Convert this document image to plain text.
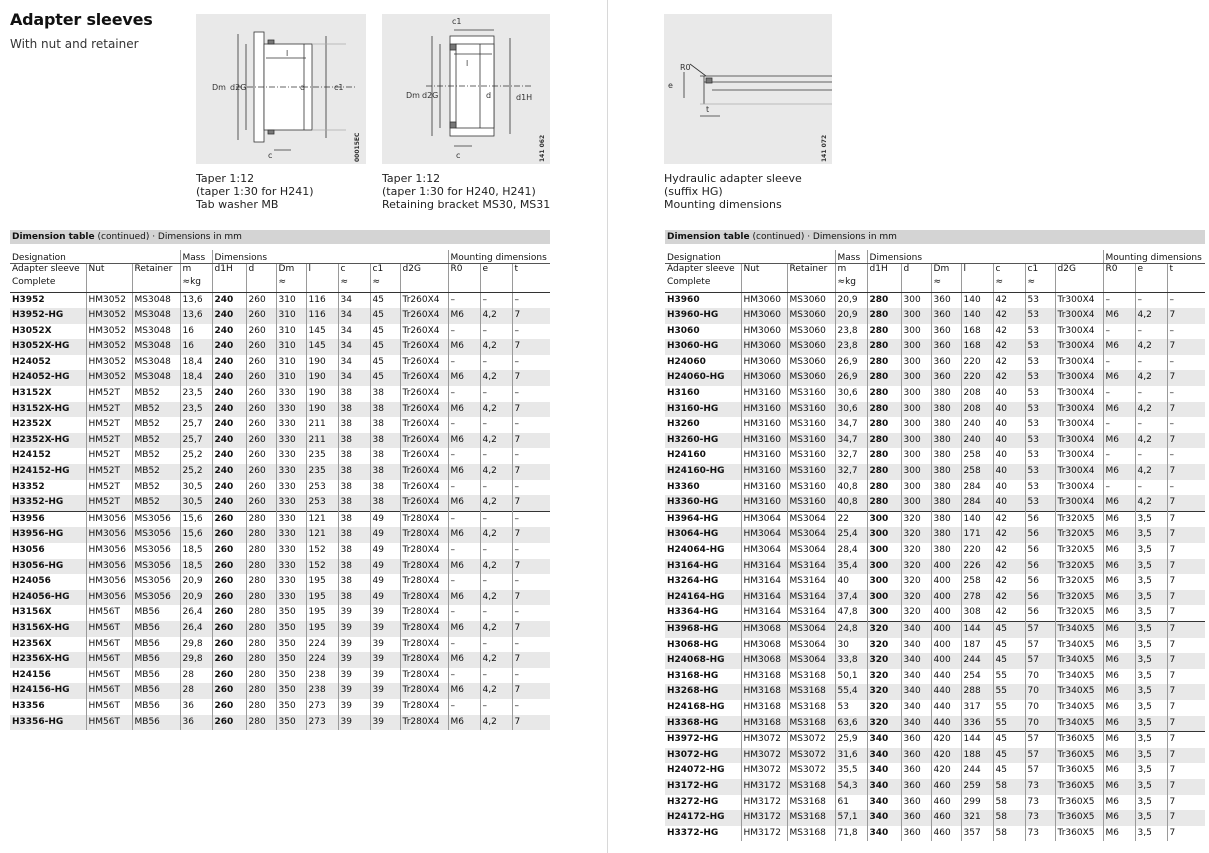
Adapter sleeves
With nut and retainer
Dm d2G
l
d	c1
c	00015EC
Taper 1:12
(taper 1:30 for H241)
Tab washer MB
Dm d2G
l
d	d1H
c1
c	141 062
Taper 1:12
(taper 1:30 for H240, H241)
Retaining bracket MS30, MS31
R0
e
t
141 072
Hydraulic adapter sleeve
(suffix HG)
Mounting dimensions
Dimension table (continued) · Dimensions in mm
Designation			Mass	Dimensions							Mounting dimensions		
Adapter sleeve	Nut	Retainer	m	d1H	d	Dm	l	c	c1	d2G	R0	e	t
Complete			≈kg			≈		≈	≈				
H3952	HM3052	MS3048	13,6	240	260	310	116	34	45	Tr260X4	–	–	–
H3952-HG	HM3052	MS3048	13,6	240	260	310	116	34	45	Tr260X4	M6	4,2	7
H3052X	HM3052	MS3048	16	240	260	310	145	34	45	Tr260X4	–	–	–
H3052X-HG	HM3052	MS3048	16	240	260	310	145	34	45	Tr260X4	M6	4,2	7
H24052	HM3052	MS3048	18,4	240	260	310	190	34	45	Tr260X4	–	–	–
H24052-HG	HM3052	MS3048	18,4	240	260	310	190	34	45	Tr260X4	M6	4,2	7
H3152X	HM52T	MB52	23,5	240	260	330	190	38	38	Tr260X4	–	–	–
H3152X-HG	HM52T	MB52	23,5	240	260	330	190	38	38	Tr260X4	M6	4,2	7
H2352X	HM52T	MB52	25,7	240	260	330	211	38	38	Tr260X4	–	–	–
H2352X-HG	HM52T	MB52	25,7	240	260	330	211	38	38	Tr260X4	M6	4,2	7
H24152	HM52T	MB52	25,2	240	260	330	235	38	38	Tr260X4	–	–	–
H24152-HG	HM52T	MB52	25,2	240	260	330	235	38	38	Tr260X4	M6	4,2	7
H3352	HM52T	MB52	30,5	240	260	330	253	38	38	Tr260X4	–	–	–
H3352-HG	HM52T	MB52	30,5	240	260	330	253	38	38	Tr260X4	M6	4,2	7
H3956	HM3056	MS3056	15,6	260	280	330	121	38	49	Tr280X4	–	–	–
H3956-HG	HM3056	MS3056	15,6	260	280	330	121	38	49	Tr280X4	M6	4,2	7
H3056	HM3056	MS3056	18,5	260	280	330	152	38	49	Tr280X4	–	–	–
H3056-HG	HM3056	MS3056	18,5	260	280	330	152	38	49	Tr280X4	M6	4,2	7
H24056	HM3056	MS3056	20,9	260	280	330	195	38	49	Tr280X4	–	–	–
H24056-HG	HM3056	MS3056	20,9	260	280	330	195	38	49	Tr280X4	M6	4,2	7
H3156X	HM56T	MB56	26,4	260	280	350	195	39	39	Tr280X4	–	–	–
H3156X-HG	HM56T	MB56	26,4	260	280	350	195	39	39	Tr280X4	M6	4,2	7
H2356X	HM56T	MB56	29,8	260	280	350	224	39	39	Tr280X4	–	–	–
H2356X-HG	HM56T	MB56	29,8	260	280	350	224	39	39	Tr280X4	M6	4,2	7
H24156	HM56T	MB56	28	260	280	350	238	39	39	Tr280X4	–	–	–
H24156-HG	HM56T	MB56	28	260	280	350	238	39	39	Tr280X4	M6	4,2	7
H3356	HM56T	MB56	36	260	280	350	273	39	39	Tr280X4	–	–	–
H3356-HG	HM56T	MB56	36	260	280	350	273	39	39	Tr280X4	M6	4,2	7
Dimension table (continued) · Dimensions in mm
Designation			Mass	Dimensions							Mounting dimensions		
Adapter sleeve	Nut	Retainer	m	d1H	d	Dm	l	c	c1	d2G	R0	e	t
Complete			≈kg			≈		≈	≈				
H3960	HM3060	MS3060	20,9	280	300	360	140	42	53	Tr300X4	–	–	–
H3960-HG	HM3060	MS3060	20,9	280	300	360	140	42	53	Tr300X4	M6	4,2	7
H3060	HM3060	MS3060	23,8	280	300	360	168	42	53	Tr300X4	–	–	–
H3060-HG	HM3060	MS3060	23,8	280	300	360	168	42	53	Tr300X4	M6	4,2	7
H24060	HM3060	MS3060	26,9	280	300	360	220	42	53	Tr300X4	–	–	–
H24060-HG	HM3060	MS3060	26,9	280	300	360	220	42	53	Tr300X4	M6	4,2	7
H3160	HM3160	MS3160	30,6	280	300	380	208	40	53	Tr300X4	–	–	–
H3160-HG	HM3160	MS3160	30,6	280	300	380	208	40	53	Tr300X4	M6	4,2	7
H3260	HM3160	MS3160	34,7	280	300	380	240	40	53	Tr300X4	–	–	–
H3260-HG	HM3160	MS3160	34,7	280	300	380	240	40	53	Tr300X4	M6	4,2	7
H24160	HM3160	MS3160	32,7	280	300	380	258	40	53	Tr300X4	–	–	–
H24160-HG	HM3160	MS3160	32,7	280	300	380	258	40	53	Tr300X4	M6	4,2	7
H3360	HM3160	MS3160	40,8	280	300	380	284	40	53	Tr300X4	–	–	–
H3360-HG	HM3160	MS3160	40,8	280	300	380	284	40	53	Tr300X4	M6	4,2	7
H3964-HG	HM3064	MS3064	22	300	320	380	140	42	56	Tr320X5	M6	3,5	7
H3064-HG	HM3064	MS3064	25,4	300	320	380	171	42	56	Tr320X5	M6	3,5	7
H24064-HG	HM3064	MS3064	28,4	300	320	380	220	42	56	Tr320X5	M6	3,5	7
H3164-HG	HM3164	MS3164	35,4	300	320	400	226	42	56	Tr320X5	M6	3,5	7
H3264-HG	HM3164	MS3164	40	300	320	400	258	42	56	Tr320X5	M6	3,5	7
H24164-HG	HM3164	MS3164	37,4	300	320	400	278	42	56	Tr320X5	M6	3,5	7
H3364-HG	HM3164	MS3164	47,8	300	320	400	308	42	56	Tr320X5	M6	3,5	7
H3968-HG	HM3068	MS3064	24,8	320	340	400	144	45	57	Tr340X5	M6	3,5	7
H3068-HG	HM3068	MS3064	30	320	340	400	187	45	57	Tr340X5	M6	3,5	7
H24068-HG	HM3068	MS3064	33,8	320	340	400	244	45	57	Tr340X5	M6	3,5	7
H3168-HG	HM3168	MS3168	50,1	320	340	440	254	55	70	Tr340X5	M6	3,5	7
H3268-HG	HM3168	MS3168	55,4	320	340	440	288	55	70	Tr340X5	M6	3,5	7
H24168-HG	HM3168	MS3168	53	320	340	440	317	55	70	Tr340X5	M6	3,5	7
H3368-HG	HM3168	MS3168	63,6	320	340	440	336	55	70	Tr340X5	M6	3,5	7
H3972-HG	HM3072	MS3072	25,9	340	360	420	144	45	57	Tr360X5	M6	3,5	7
H3072-HG	HM3072	MS3072	31,6	340	360	420	188	45	57	Tr360X5	M6	3,5	7
H24072-HG	HM3072	MS3072	35,5	340	360	420	244	45	57	Tr360X5	M6	3,5	7
H3172-HG	HM3172	MS3168	54,3	340	360	460	259	58	73	Tr360X5	M6	3,5	7
H3272-HG	HM3172	MS3168	61	340	360	460	299	58	73	Tr360X5	M6	3,5	7
H24172-HG	HM3172	MS3168	57,1	340	360	460	321	58	73	Tr360X5	M6	3,5	7
H3372-HG	HM3172	MS3168	71,8	340	360	460	357	58	73	Tr360X5	M6	3,5	7
